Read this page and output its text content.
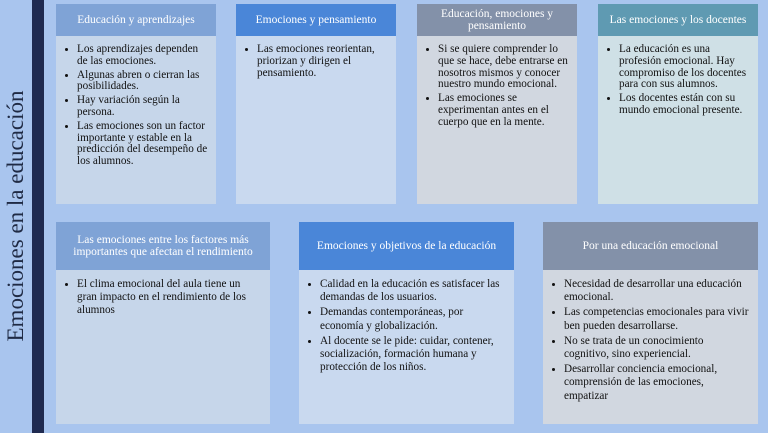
Emociones en la educación
Educación y aprendizajes
• Los aprendizajes dependen de las emociones.
• Algunas abren o cierran las posibilidades.
• Hay variación según la persona.
• Las emociones son un factor importante y estable en la predicción del desempeño de los alumnos.
Emociones y pensamiento
• Las emociones reorientan, priorizan y dirigen el pensamiento.
Educación, emociones y pensamiento
• Si se quiere comprender lo que se hace, debe entrarse en nosotros mismos y conocer nuestro mundo emocional.
• Las emociones se experimentan antes en el cuerpo que en la mente.
Las emociones y los docentes
• La educación es una profesión emocional. Hay compromiso de los docentes para con sus alumnos.
• Los docentes están con su mundo emocional presente.
Las emociones entre los factores más importantes que afectan el rendimiento
• El clima emocional del aula tiene un gran impacto en el rendimiento de los alumnos
Emociones y objetivos de la educación
• Calidad en la educación es satisfacer las demandas de los usuarios.
• Demandas contemporáneas, por economía y globalización.
• Al docente se le pide: cuidar, contener, socialización, formación humana y protección de los niños.
Por una educación emocional
• Necesidad de desarrollar una educación emocional.
• Las competencias emocionales para vivir ben pueden desarrollarse.
• No se trata de un conocimiento cognitivo, sino experiencial.
• Desarrollar conciencia emocional, comprensión de las emociones, empatizar
